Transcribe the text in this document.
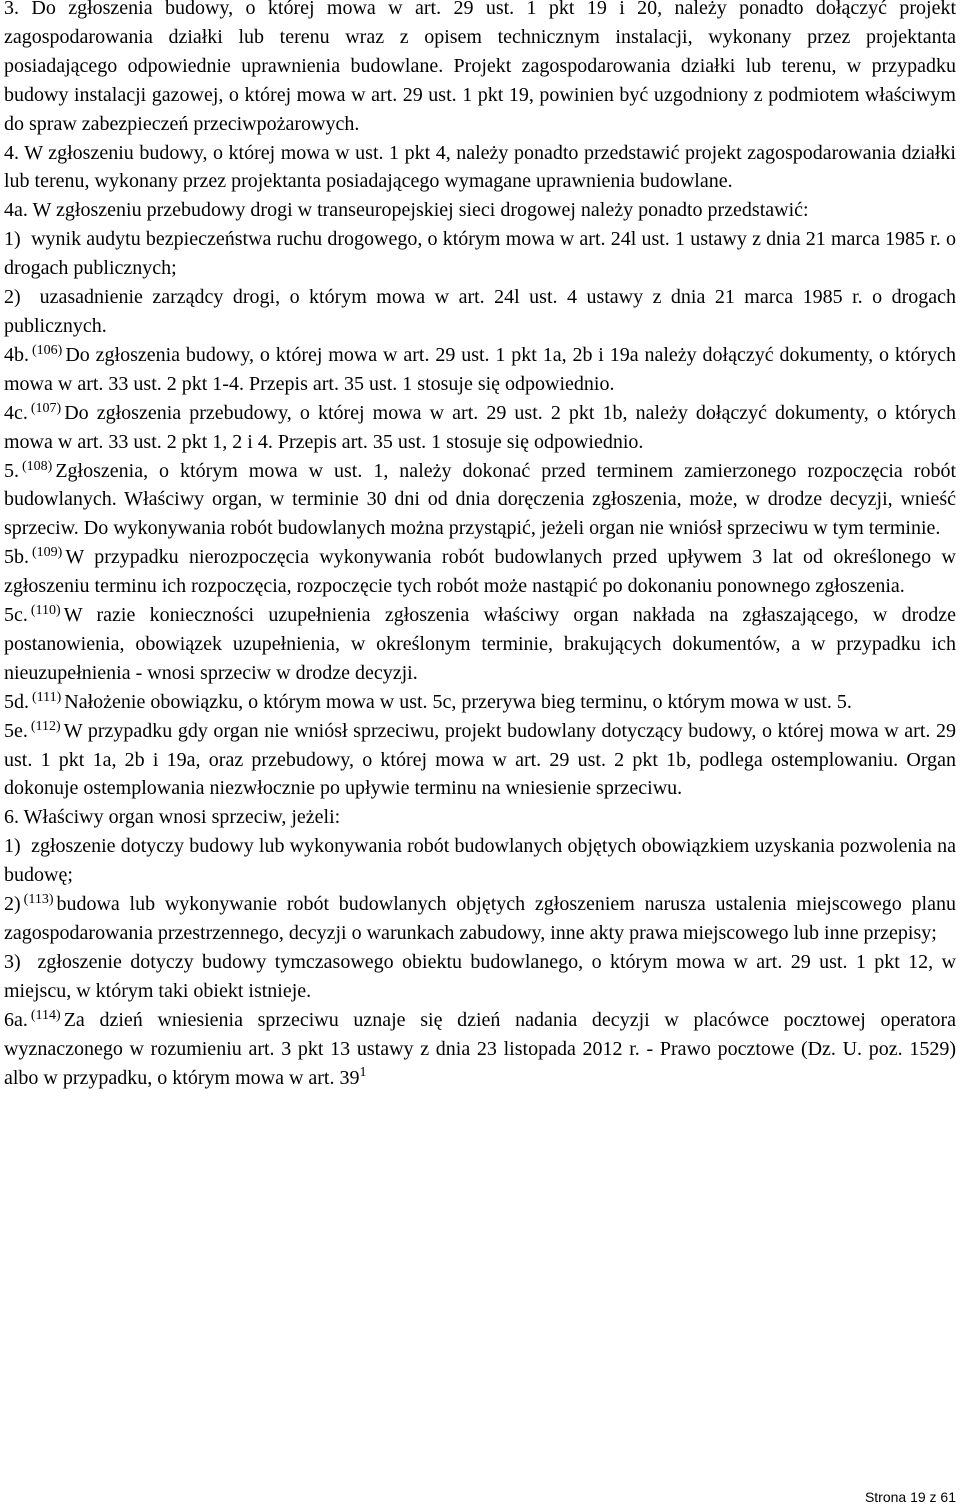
3. Do zgłoszenia budowy, o której mowa w art. 29 ust. 1 pkt 19 i 20, należy ponadto dołączyć projekt zagospodarowania działki lub terenu wraz z opisem technicznym instalacji, wykonany przez projektanta posiadającego odpowiednie uprawnienia budowlane. Projekt zagospodarowania działki lub terenu, w przypadku budowy instalacji gazowej, o której mowa w art. 29 ust. 1 pkt 19, powinien być uzgodniony z podmiotem właściwym do spraw zabezpieczeń przeciwpożarowych.

4. W zgłoszeniu budowy, o której mowa w ust. 1 pkt 4, należy ponadto przedstawić projekt zagospodarowania działki lub terenu, wykonany przez projektanta posiadającego wymagane uprawnienia budowlane.

4a. W zgłoszeniu przebudowy drogi w transeuropejskiej sieci drogowej należy ponadto przedstawić:

1) wynik audytu bezpieczeństwa ruchu drogowego, o którym mowa w art. 24l ust. 1 ustawy z dnia 21 marca 1985 r. o drogach publicznych;

2) uzasadnienie zarządcy drogi, o którym mowa w art. 24l ust. 4 ustawy z dnia 21 marca 1985 r. o drogach publicznych.

4b. $^{(106)}$ Do zgłoszenia budowy, o której mowa w art. 29 ust. 1 pkt 1a, 2b i 19a należy dołączyć dokumenty, o których mowa w art. 33 ust. 2 pkt 1-4. Przepis art. 35 ust. 1 stosuje się odpowiednio.

4c. $^{(107)}$ Do zgłoszenia przebudowy, o której mowa w art. 29 ust. 2 pkt 1b, należy dołączyć dokumenty, o których mowa w art. 33 ust. 2 pkt 1, 2 i 4. Przepis art. 35 ust. 1 stosuje się odpowiednio.

5. $^{(108)}$ Zgłoszenia, o którym mowa w ust. 1, należy dokonać przed terminem zamierzonego rozpoczęcia robót budowlanych. Właściwy organ, w terminie 30 dni od dnia doręczenia zgłoszenia, może, w drodze decyzji, wnieść sprzeciw. Do wykonywania robót budowlanych można przystąpić, jeżeli organ nie wniósł sprzeciwu w tym terminie.

5b. $^{(109)}$ W przypadku nierozpoczęcia wykonywania robót budowlanych przed upływem 3 lat od określonego w zgłoszeniu terminu ich rozpoczęcia, rozpoczęcie tych robót może nastąpić po dokonaniu ponownego zgłoszenia.

5c. $^{(110)}$ W razie konieczności uzupełnienia zgłoszenia właściwy organ nakłada na zgłaszającego, w drodze postanowienia, obowiązek uzupełnienia, w określonym terminie, brakujących dokumentów, a w przypadku ich nieuzupełnienia - wnosi sprzeciw w drodze decyzji.

5d. $^{(111)}$ Nałożenie obowiązku, o którym mowa w ust. 5c, przerywa bieg terminu, o którym mowa w ust. 5.

5e. $^{(112)}$ W przypadku gdy organ nie wniósł sprzeciwu, projekt budowlany dotyczący budowy, o której mowa w art. 29 ust. 1 pkt 1a, 2b i 19a, oraz przebudowy, o której mowa w art. 29 ust. 2 pkt 1b, podlega ostemplowaniu. Organ dokonuje ostemplowania niezwłocznie po upływie terminu na wniesienie sprzeciwu.

6. Właściwy organ wnosi sprzeciw, jeżeli:

1) zgłoszenie dotyczy budowy lub wykonywania robót budowlanych objętych obowiązkiem uzyskania pozwolenia na budowę;

2) $^{(113)}$ budowa lub wykonywanie robót budowlanych objętych zgłoszeniem narusza ustalenia miejscowego planu zagospodarowania przestrzennego, decyzji o warunkach zabudowy, inne akty prawa miejscowego lub inne przepisy;

3) zgłoszenie dotyczy budowy tymczasowego obiektu budowlanego, o którym mowa w art. 29 ust. 1 pkt 12, w miejscu, w którym taki obiekt istnieje.

6a. $^{(114)}$ Za dzień wniesienia sprzeciwu uznaje się dzień nadania decyzji w placówce pocztowej operatora wyznaczonego w rozumieniu art. 3 pkt 13 ustawy z dnia 23 listopada 2012 r. - Prawo pocztowe (Dz. U. poz. 1529) albo w przypadku, o którym mowa w art. $39^1$

Strona 19 z 61
